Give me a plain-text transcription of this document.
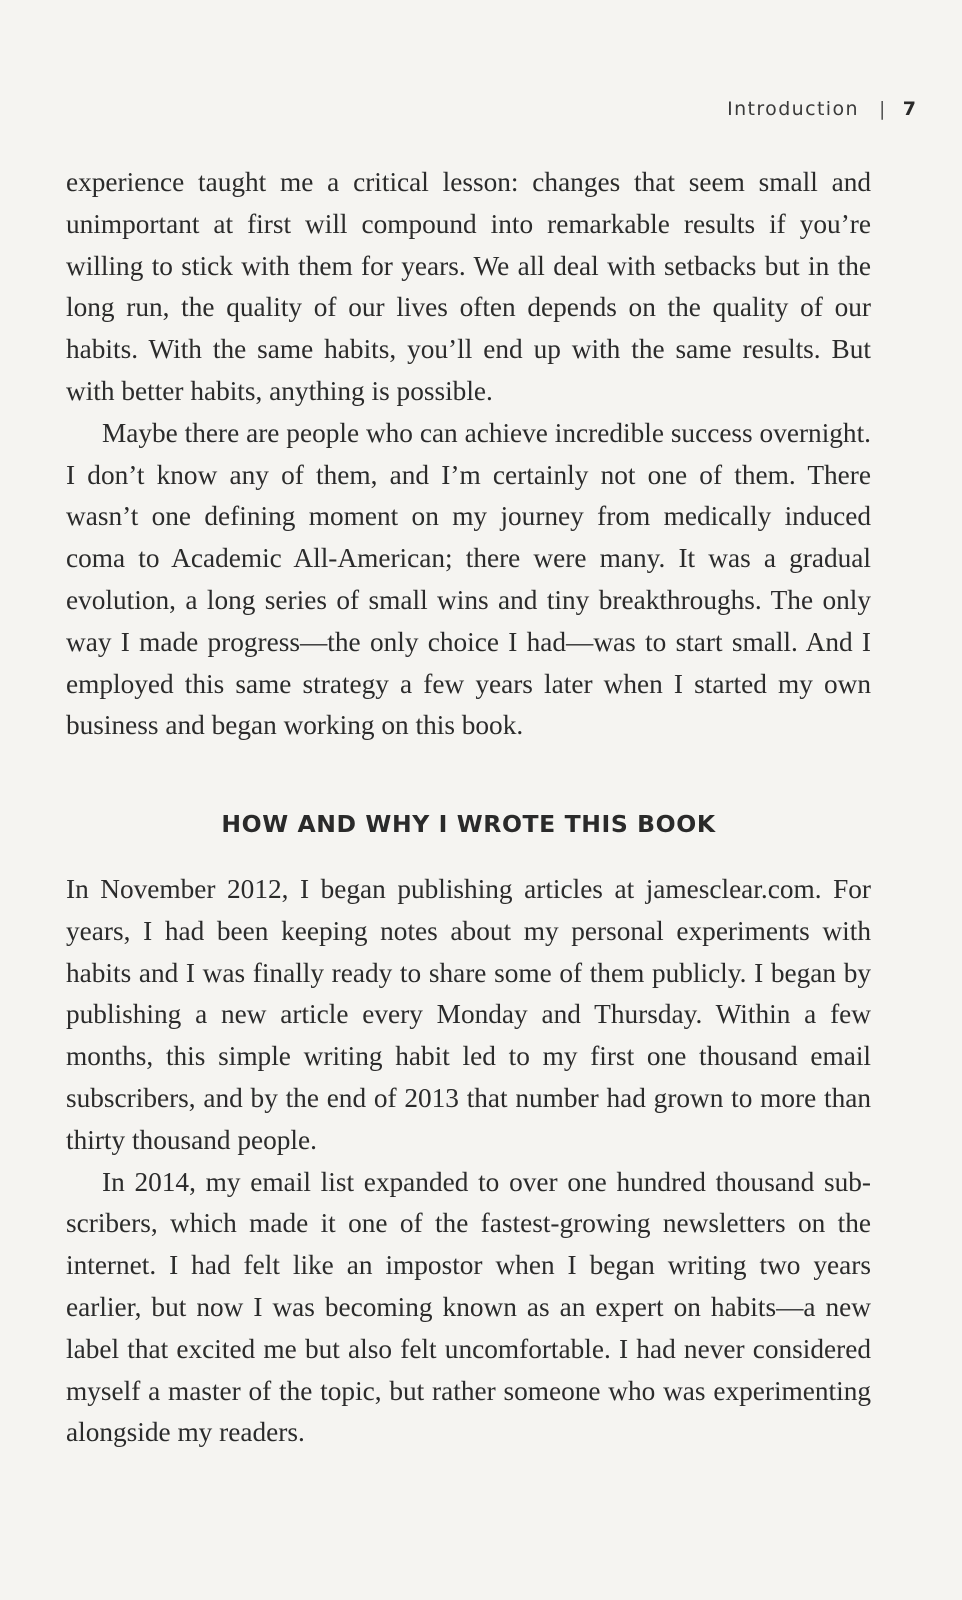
Introduction | 7

experience taught me a critical lesson: changes that seem small and unimportant at first will compound into remarkable results if you’re willing to stick with them for years. We all deal with setbacks but in the long run, the quality of our lives often depends on the quality of our habits. With the same habits, you’ll end up with the same results. But with better habits, anything is possible.

Maybe there are people who can achieve incredible success overnight. I don’t know any of them, and I’m certainly not one of them. There wasn’t one defining moment on my journey from medically induced coma to Academic All-American; there were many. It was a gradual evolution, a long series of small wins and tiny breakthroughs. The only way I made progress—the only choice I had—was to start small. And I employed this same strategy a few years later when I started my own business and began working on this book.

HOW AND WHY I WROTE THIS BOOK

In November 2012, I began publishing articles at jamesclear.com. For years, I had been keeping notes about my personal experiments with habits and I was finally ready to share some of them publicly. I began by publishing a new article every Monday and Thursday. Within a few months, this simple writing habit led to my first one thousand email subscribers, and by the end of 2013 that number had grown to more than thirty thousand people.

In 2014, my email list expanded to over one hundred thousand subscribers, which made it one of the fastest-growing newsletters on the internet. I had felt like an impostor when I began writing two years earlier, but now I was becoming known as an expert on habits—a new label that excited me but also felt uncomfortable. I had never considered myself a master of the topic, but rather someone who was experimenting alongside my readers.
